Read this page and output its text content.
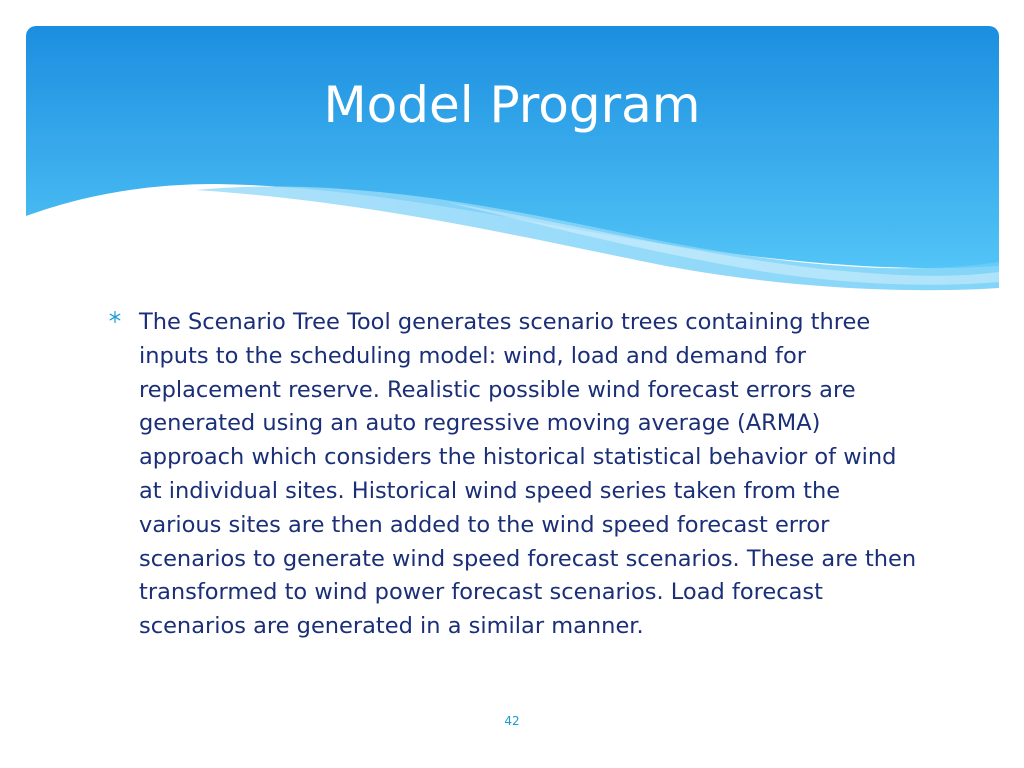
Model Program

The Scenario Tree Tool generates scenario trees containing three inputs to the scheduling model: wind, load and demand for replacement reserve. Realistic possible wind forecast errors are generated using an auto regressive moving average (ARMA) approach which considers the historical statistical behavior of wind at individual sites. Historical wind speed series taken from the various sites are then added to the wind speed forecast error scenarios to generate wind speed forecast scenarios. These are then transformed to wind power forecast scenarios. Load forecast scenarios are generated in a similar manner.

42
